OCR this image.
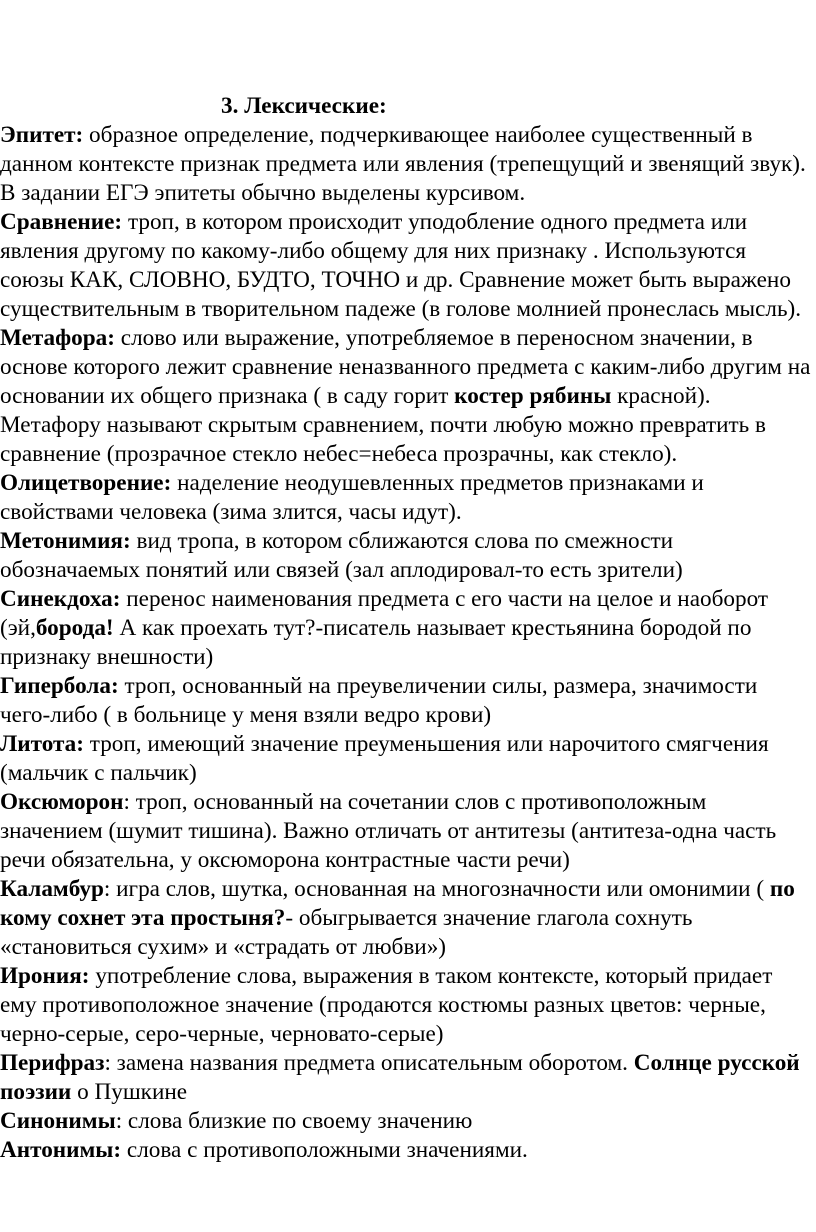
3. Лексические:

Эпитет: образное определение, подчеркивающее наиболее существенный в данном контексте признак предмета или явления (трепещущий и звенящий звук). В задании ЕГЭ эпитеты обычно выделены курсивом.

Сравнение: троп, в котором происходит уподобление одного предмета или явления другому по какому-либо общему для них признаку . Используются союзы КАК, СЛОВНО, БУДТО, ТОЧНО и др. Сравнение может быть выражено существительным в творительном падеже (в голове молнией пронеслась мысль).

Метафора: слово или выражение, употребляемое в переносном значении, в основе которого лежит сравнение неназванного предмета с каким-либо другим на основании их общего признака ( в саду горит костер рябины красной). Метафору называют скрытым сравнением, почти любую можно превратить в сравнение (прозрачное стекло небес=небеса прозрачны, как стекло).

Олицетворение: наделение неодушевленных предметов признаками и свойствами человека (зима злится, часы идут).

Метонимия: вид тропа, в котором сближаются слова по смежности обозначаемых понятий или связей (зал аплодировал-то есть зрители)

Синекдоха: перенос наименования предмета с его части на целое и наоборот (эй,борода! А как проехать тут?-писатель называет крестьянина бородой по признаку внешности)

Гипербола: троп, основанный на преувеличении силы, размера, значимости чего-либо ( в больнице у меня взяли ведро крови)

Литота: троп, имеющий значение преуменьшения или нарочитого смягчения (мальчик с пальчик)

Оксюморон: троп, основанный на сочетании слов с противоположным значением (шумит тишина). Важно отличать от антитезы (антитеза-одна часть речи обязательна, у оксюморона контрастные части речи)

Каламбур: игра слов, шутка, основанная на многозначности или омонимии ( по кому сохнет эта простыня?- обыгрывается значение глагола сохнуть «становиться сухим» и «страдать от любви»)

Ирония: употребление слова, выражения в таком контексте, который придает ему противоположное значение (продаются костюмы разных цветов: черные, черно-серые, серо-черные, черновато-серые)

Перифраз: замена названия предмета описательным оборотом. Солнце русской поэзии о Пушкине

Синонимы: слова близкие по своему значению

Антонимы: слова с противоположными значениями.
